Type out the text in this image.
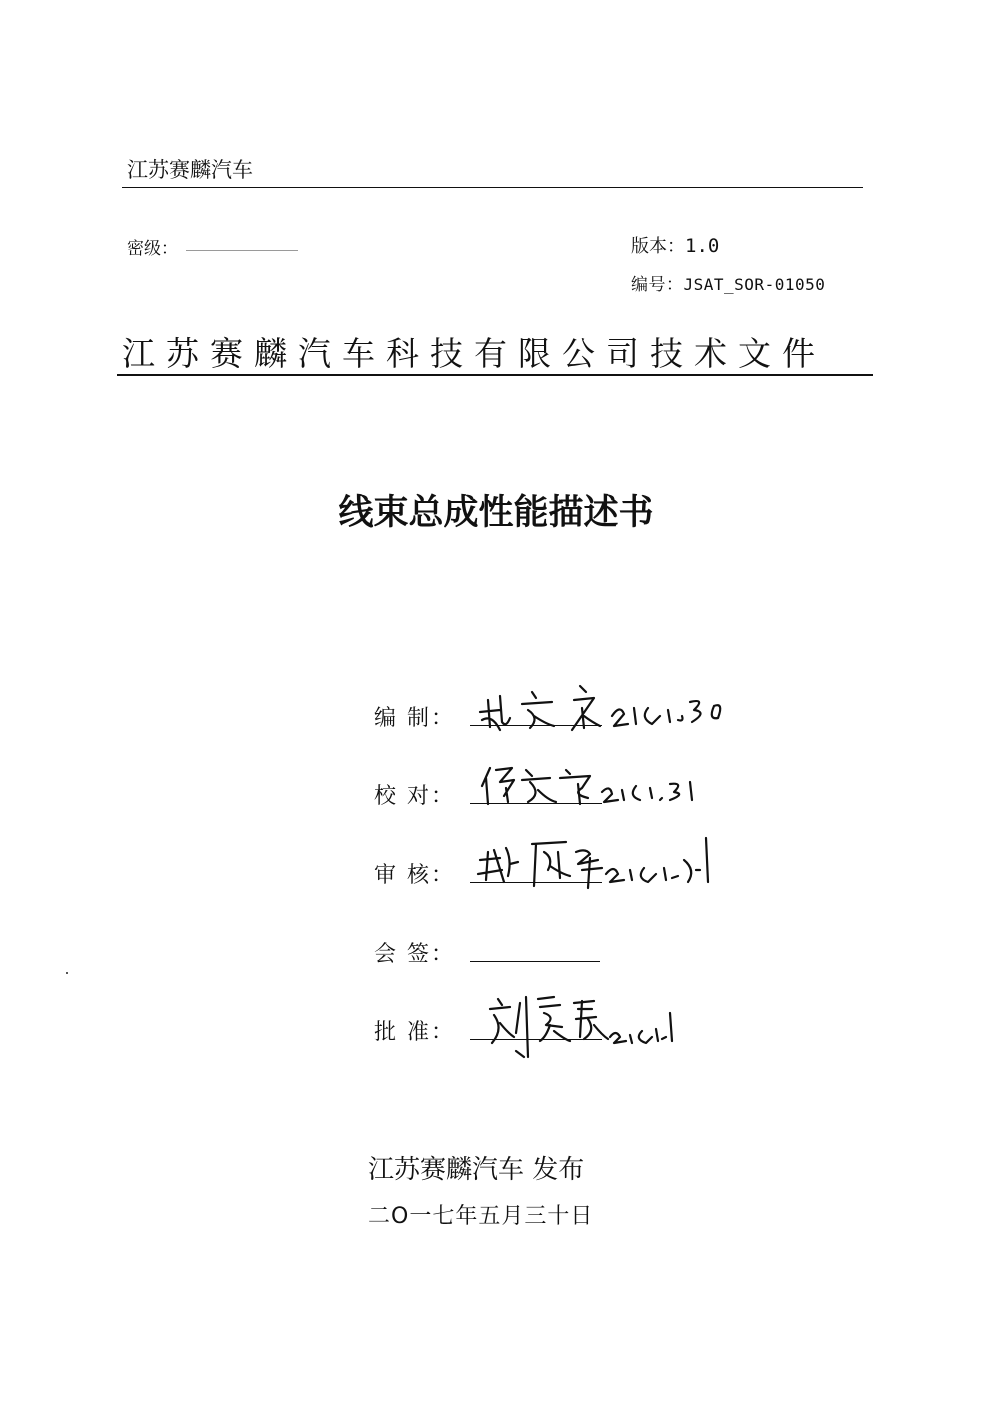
江苏赛麟汽车
密级：	版本：1.0
编号：JSAT_SOR-01050
江苏赛麟汽车科技有限公司技术文件
线束总成性能描述书
编 制：
校 对：
审 核：
会 签：
批 准：
江苏赛麟汽车 发布
二O一七年五月三十日
